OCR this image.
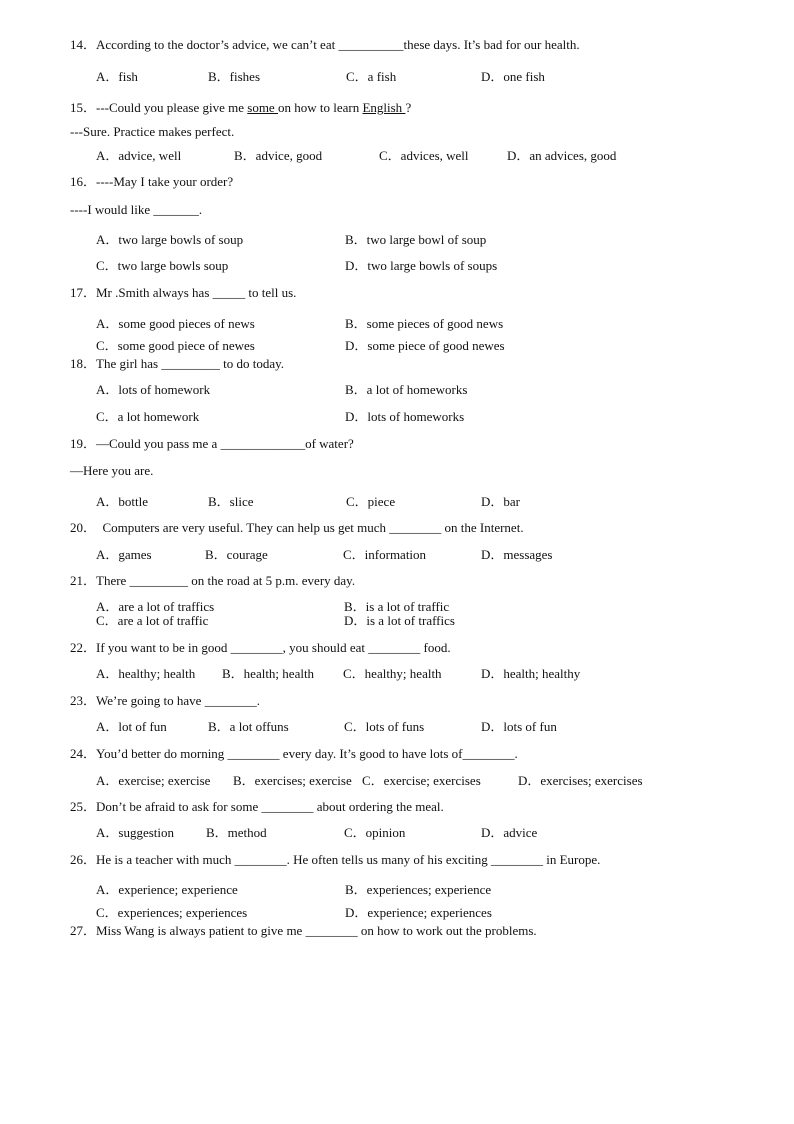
14．According to the doctor’s advice, we can’t eat __________these days. It’s bad for our health.
A．fish	B．fishes	C．a fish	D．one fish
15．---Could you please give me some on how to learn English ?
---Sure. Practice makes perfect.
A．advice, well	B．advice, good	C．advices, well	D．an advices, good
16．----May I take your order?
----I would like _______.
A．two large bowls of soup	B．two large bowl of soup
C．two large bowls soup	D．two large bowls of soups
17．Mr .Smith always has _____ to tell us.
A．some good pieces of news	B．some pieces of good news
C．some good piece of newes	D．some piece of good newes
18．The girl has _________ to do today.
A．lots of homework	B．a lot of homeworks
C．a lot homework	D．lots of homeworks
19．—Could you pass me a _____________of water?
—Here you are.
A．bottle	B．slice	C．piece	D．bar
20．  Computers are very useful. They can help us get much ________ on the Internet.
A．games	B．courage	C．information	D．messages
21．There _________ on the road at 5 p.m. every day.
A．are a lot of traffics	B．is a lot of traffic
C．are a lot of traffic	D．is a lot of traffics
22．If you want to be in good ________, you should eat ________ food.
A．healthy; health B．health; health C．healthy; health	D．health; healthy
23．We’re going to have ________.
A．lot of fun	B．a lot offuns	C．lots of funs	D．lots of fun
24．You’d better do morning ________ every day. It’s good to have lots of________.
A．exercise; exercise B．exercises; exercise C．exercise; exercises	D．exercises; exercises
25．Don’t be afraid to ask for some ________ about ordering the meal.
A．suggestion B．method	C．opinion	D．advice
26．He is a teacher with much ________. He often tells us many of his exciting ________ in Europe.
A．experience; experience	B．experiences; experience
C．experiences; experiences	D．experience; experiences
27．Miss Wang is always patient to give me ________ on how to work out the problems.
